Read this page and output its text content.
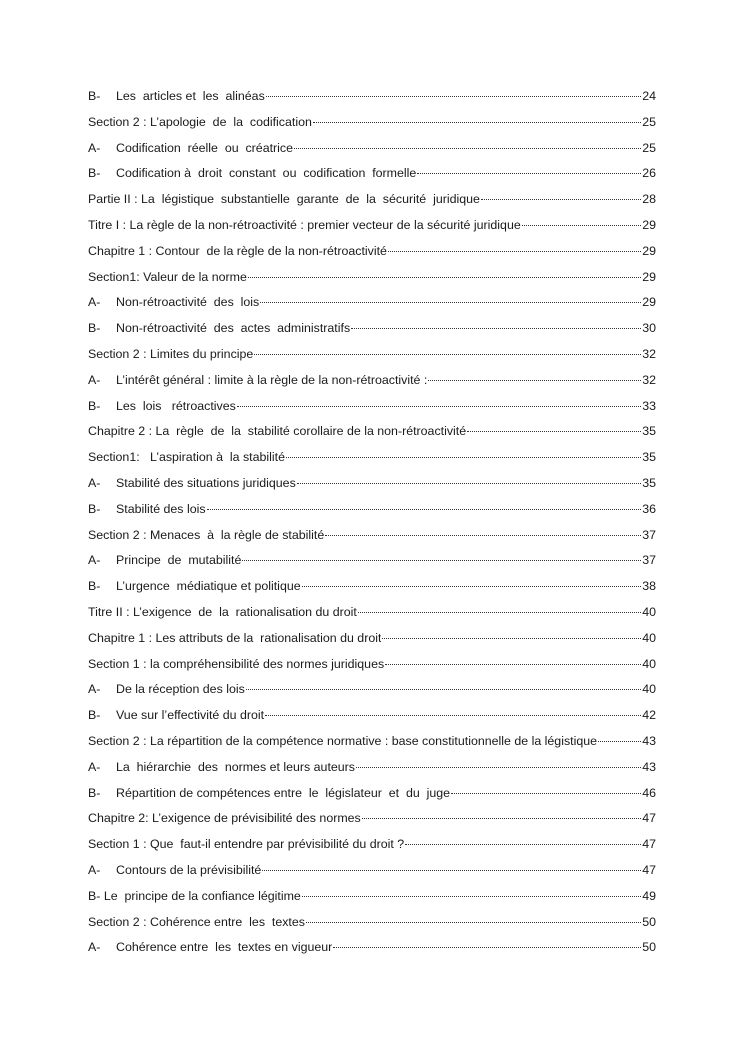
B-	Les  articles et  les  alinéas	24
Section 2 : L’apologie  de  la  codification	25
A-	Codification  réelle  ou  créatrice	25
B-	Codification à  droit  constant  ou  codification  formelle	26
Partie II : La  légistique  substantielle  garante  de  la  sécurité  juridique	28
Titre I : La règle de la non-rétroactivité : premier vecteur de la sécurité juridique	29
Chapitre 1 : Contour  de la règle de la non-rétroactivité	29
Section1: Valeur de la norme	29
A-	Non-rétroactivité  des  lois	29
B-	Non-rétroactivité  des  actes  administratifs	30
Section 2 : Limites du principe	32
A-	L’intérêt général : limite à la règle de la non-rétroactivité :	32
B-	Les  lois   rétroactives	33
Chapitre 2 : La  règle  de  la  stabilité corollaire de la non-rétroactivité	35
Section1:   L’aspiration à  la stabilité	35
A-	Stabilité des situations juridiques	35
B-	Stabilité des lois	36
Section 2 : Menaces  à  la règle de stabilité	37
A-	Principe  de  mutabilité	37
B-	L’urgence  médiatique et politique	38
Titre II : L’exigence  de  la  rationalisation du droit	40
Chapitre 1 : Les attributs de la  rationalisation du droit	40
Section 1 : la compréhensibilité des normes juridiques	40
A-	De la réception des lois	40
B-	Vue sur l’effectivité du droit	42
Section 2 : La répartition de la compétence normative : base constitutionnelle de la légistique	43
A-	La  hiérarchie  des  normes et leurs auteurs	43
B-	Répartition de compétences entre  le  législateur  et  du  juge	46
Chapitre 2: L’exigence de prévisibilité des normes	47
Section 1 : Que  faut-il entendre par prévisibilité du droit ?	47
A-	Contours de la prévisibilité	47
B- Le  principe de la confiance légitime	49
Section 2 : Cohérence entre  les  textes	50
A-	Cohérence entre  les  textes en vigueur	50
